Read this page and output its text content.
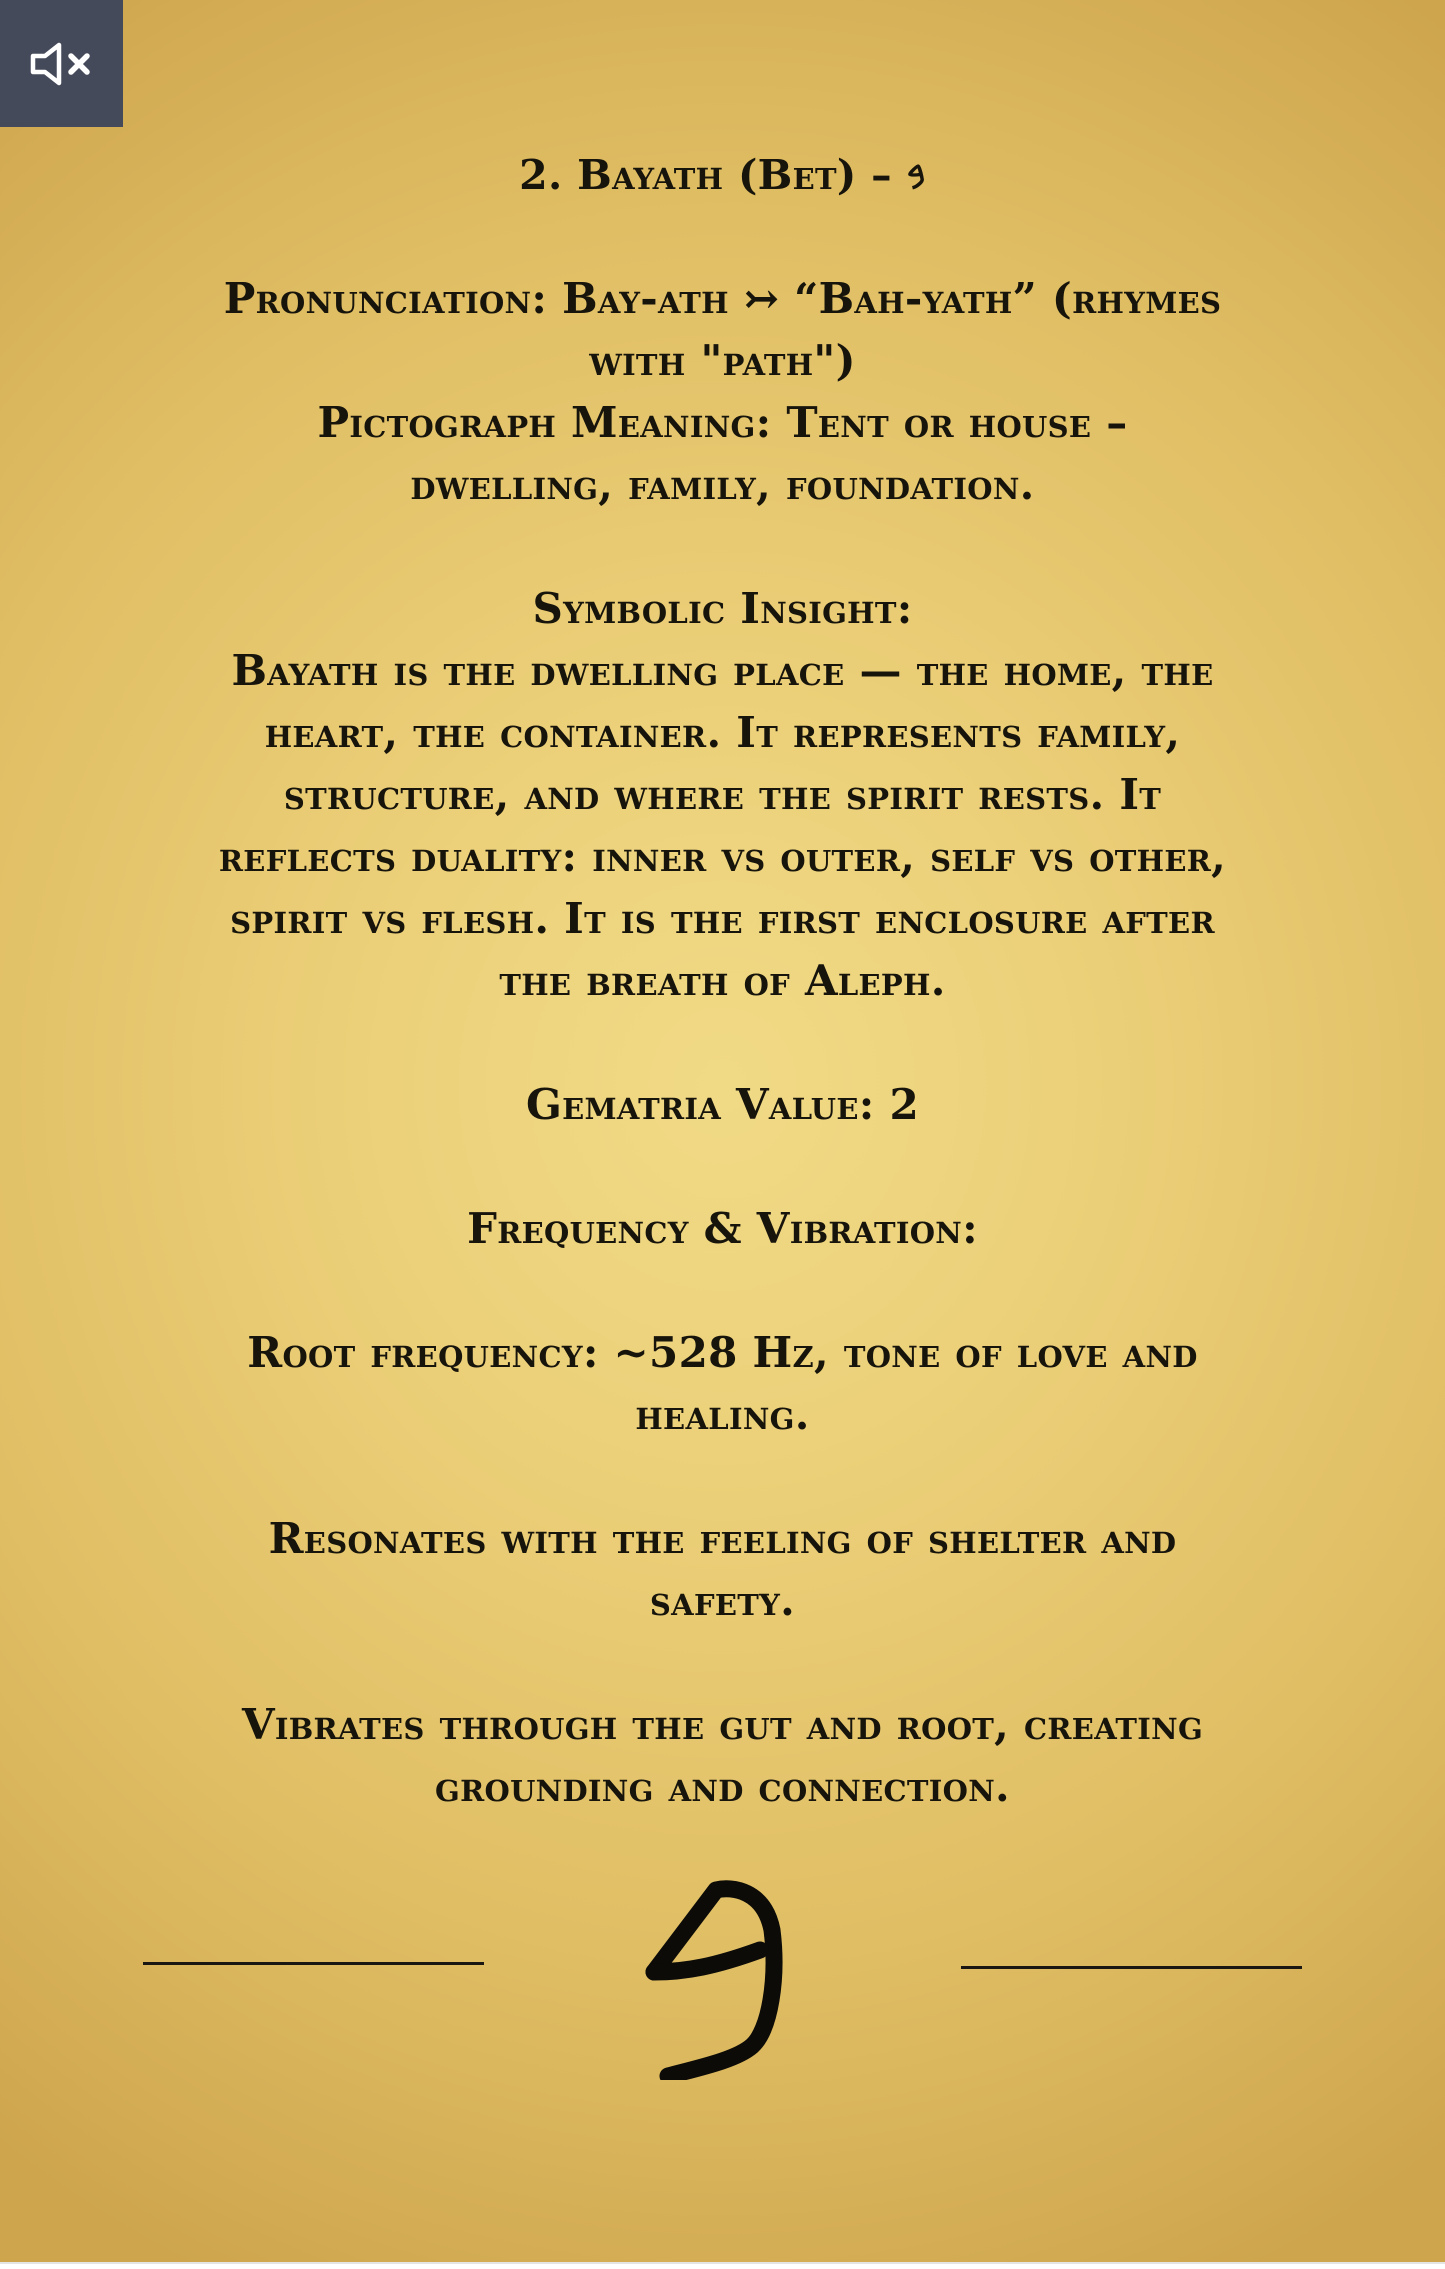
2. Bayath (Bet) – 𐤁

Pronunciation: Bay-ath ↣ “Bah-yath” (rhymes

with "path")

Pictograph Meaning: Tent or house –

dwelling, family, foundation.

Symbolic Insight:

Bayath is the dwelling place — the home, the

heart, the container. It represents family,

structure, and where the spirit rests. It

reflects duality: inner vs outer, self vs other,

spirit vs flesh. It is the first enclosure after

the breath of Aleph.

Gematria Value: 2

Frequency & Vibration:

Root frequency: ~528 Hz, tone of love and

healing.

Resonates with the feeling of shelter and

safety.

Vibrates through the gut and root, creating

grounding and connection.
